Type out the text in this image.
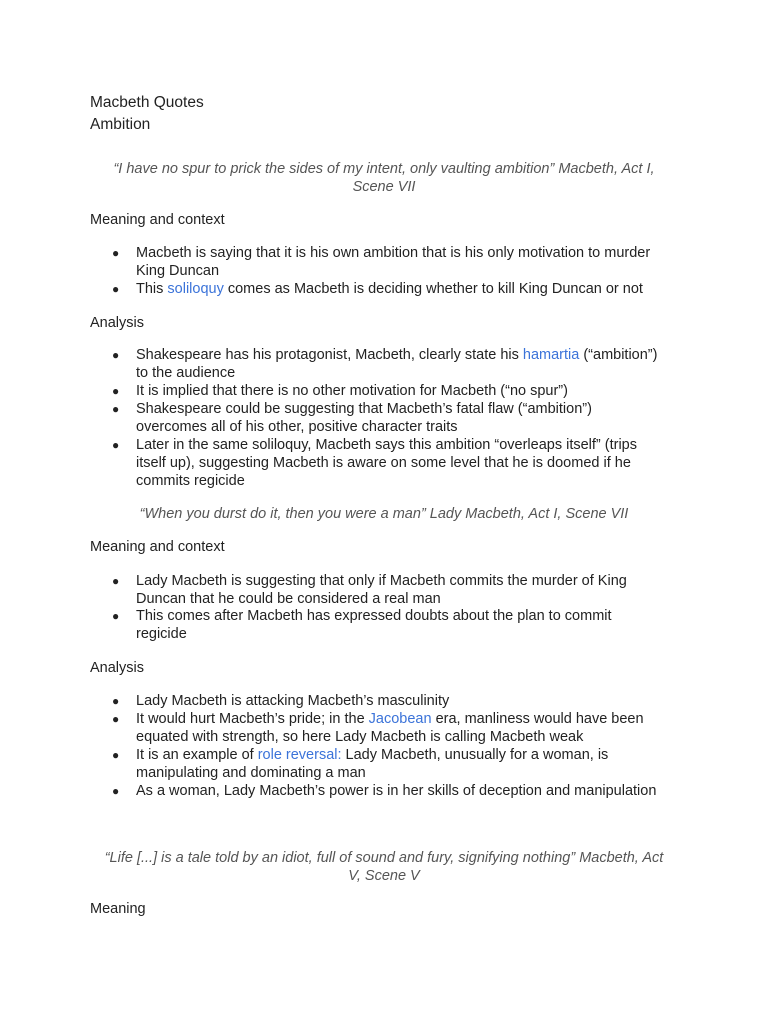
Macbeth Quotes
Ambition
“I have no spur to prick the sides of my intent, only vaulting ambition” Macbeth, Act I,
Scene VII
Meaning and context
● Macbeth is saying that it is his own ambition that is his only motivation to murder
King Duncan
● This soliloquy comes as Macbeth is deciding whether to kill King Duncan or not
Analysis
● Shakespeare has his protagonist, Macbeth, clearly state his hamartia (“ambition”)
to the audience
● It is implied that there is no other motivation for Macbeth (“no spur”)
● Shakespeare could be suggesting that Macbeth’s fatal flaw (“ambition”)
overcomes all of his other, positive character traits
● Later in the same soliloquy, Macbeth says this ambition “overleaps itself” (trips
itself up), suggesting Macbeth is aware on some level that he is doomed if he
commits regicide
“When you durst do it, then you were a man” Lady Macbeth, Act I, Scene VII
Meaning and context
● Lady Macbeth is suggesting that only if Macbeth commits the murder of King
Duncan that he could be considered a real man
● This comes after Macbeth has expressed doubts about the plan to commit
regicide
Analysis
● Lady Macbeth is attacking Macbeth’s masculinity
● It would hurt Macbeth’s pride; in the Jacobean era, manliness would have been
equated with strength, so here Lady Macbeth is calling Macbeth weak
● It is an example of role reversal: Lady Macbeth, unusually for a woman, is
manipulating and dominating a man
● As a woman, Lady Macbeth’s power is in her skills of deception and manipulation
“Life [...] is a tale told by an idiot, full of sound and fury, signifying nothing” Macbeth, Act
V, Scene V
Meaning
